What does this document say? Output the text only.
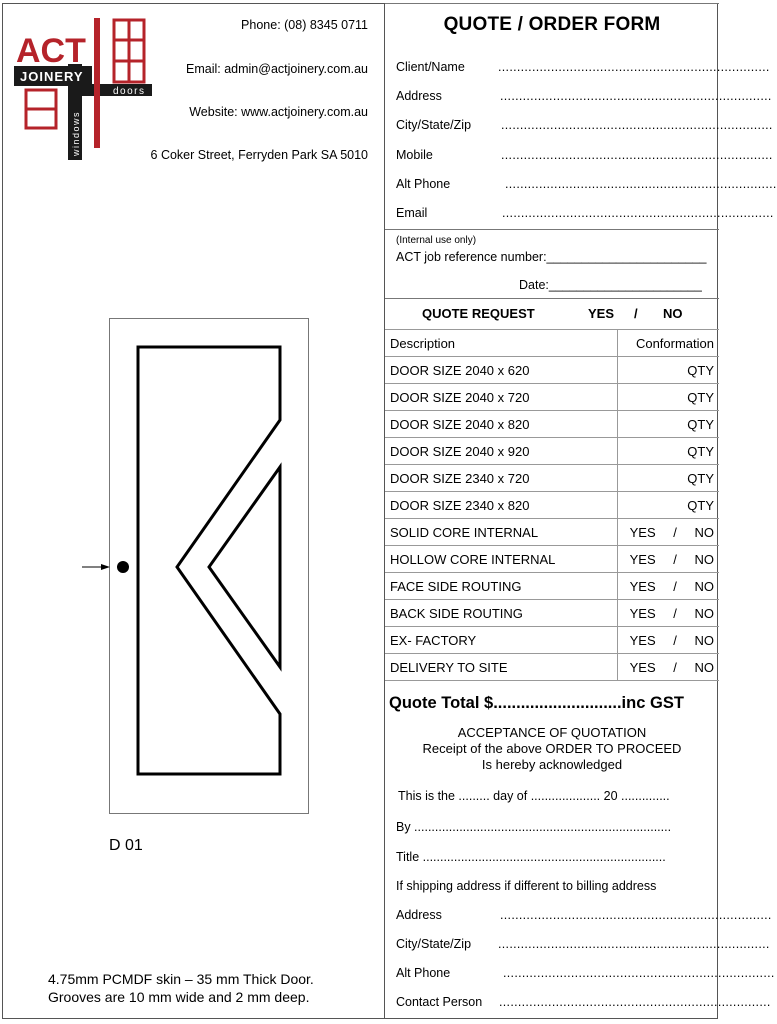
ACT
JOINERY
doors
windows
Phone: (08) 8345 0711
Email: admin@actjoinery.com.au
Website: www.actjoinery.com.au
6 Coker Street, Ferryden Park SA 5010
D 01
4.75mm PCMDF skin – 35 mm Thick Door.
Grooves are 10 mm wide and 2 mm deep.
QUOTE / ORDER FORM
Client/Name	........................................................................
Address	........................................................................
City/State/Zip ........................................................................
Mobile	........................................................................
Alt Phone	........................................................................
Email	........................................................................
(Internal use only)
ACT job reference number:_______________________
Date:______________________
QUOTE REQUEST	YES / NO
Description	Conformation
DOOR SIZE 2040 x 620	QTY
DOOR SIZE 2040 x 720	QTY
DOOR SIZE 2040 x 820	QTY
DOOR SIZE 2040 x 920	QTY
DOOR SIZE 2340 x 720	QTY
DOOR SIZE 2340 x 820	QTY
SOLID CORE INTERNAL	YES / NO
HOLLOW CORE INTERNAL	YES / NO
FACE SIDE ROUTING	YES / NO
BACK SIDE ROUTING	YES / NO
EX- FACTORY	YES / NO
DELIVERY TO SITE	YES / NO
Quote Total $............................inc GST
ACCEPTANCE OF QUOTATION
Receipt of the above ORDER TO PROCEED
Is hereby acknowledged
This is the ......... day of .................... 20 ..............
By ..........................................................................
Title ......................................................................
If shipping address if different to billing address
Address	........................................................................
City/State/Zip ........................................................................
Alt Phone	........................................................................
Contact Person ........................................................................
